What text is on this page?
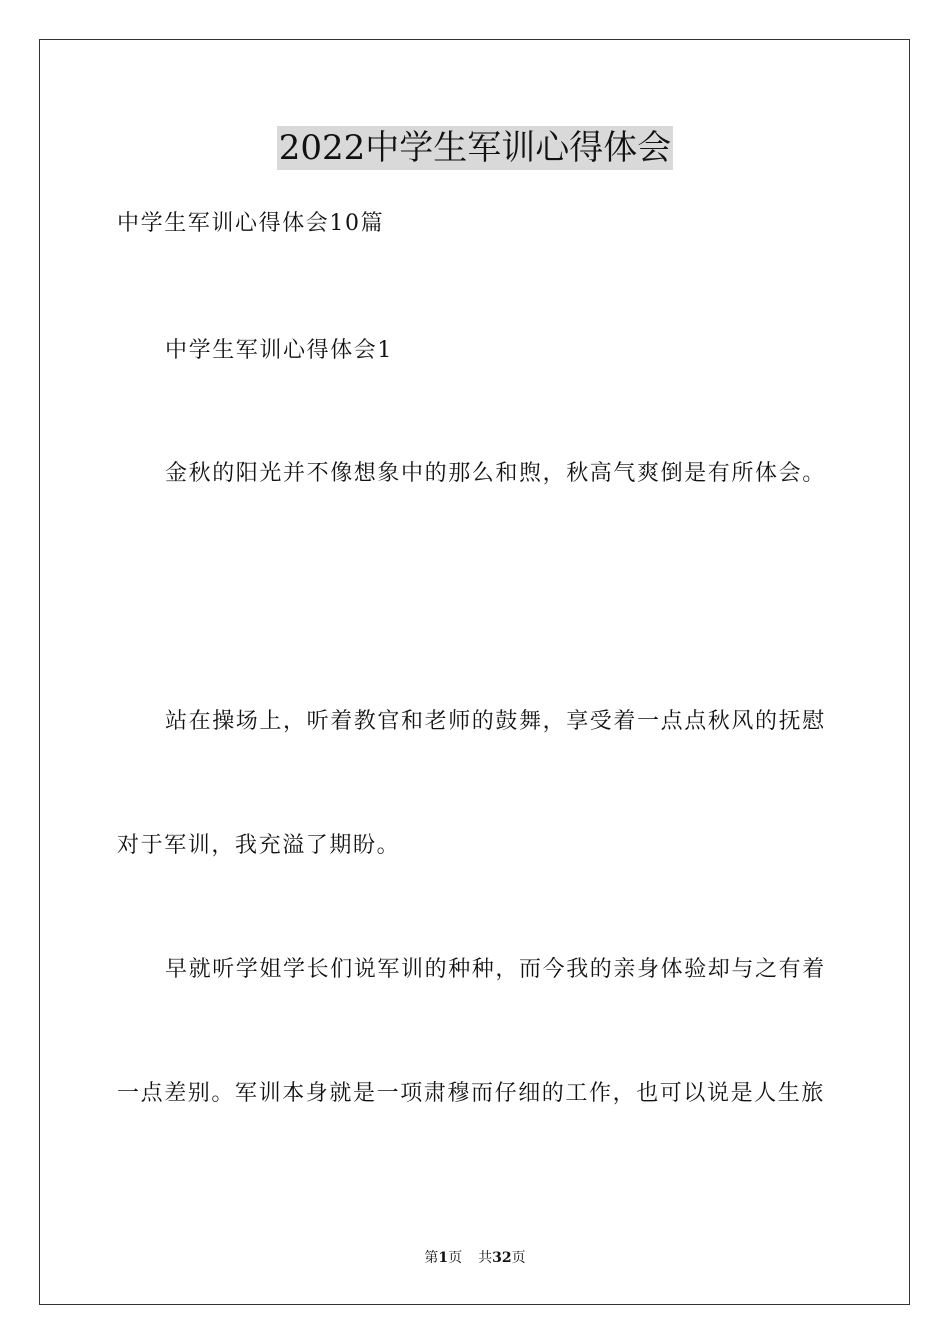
2022中学生军训心得体会
中学生军训心得体会10篇
中学生军训心得体会1
金秋的阳光并不像想象中的那么和煦，秋高气爽倒是有所体会。
站在操场上，听着教官和老师的鼓舞，享受着一点点秋风的抚慰
对于军训，我充溢了期盼。
早就听学姐学长们说军训的种种，而今我的亲身体验却与之有着
一点差别。军训本身就是一项肃穆而仔细的工作，也可以说是人生旅
第1页 共32页
